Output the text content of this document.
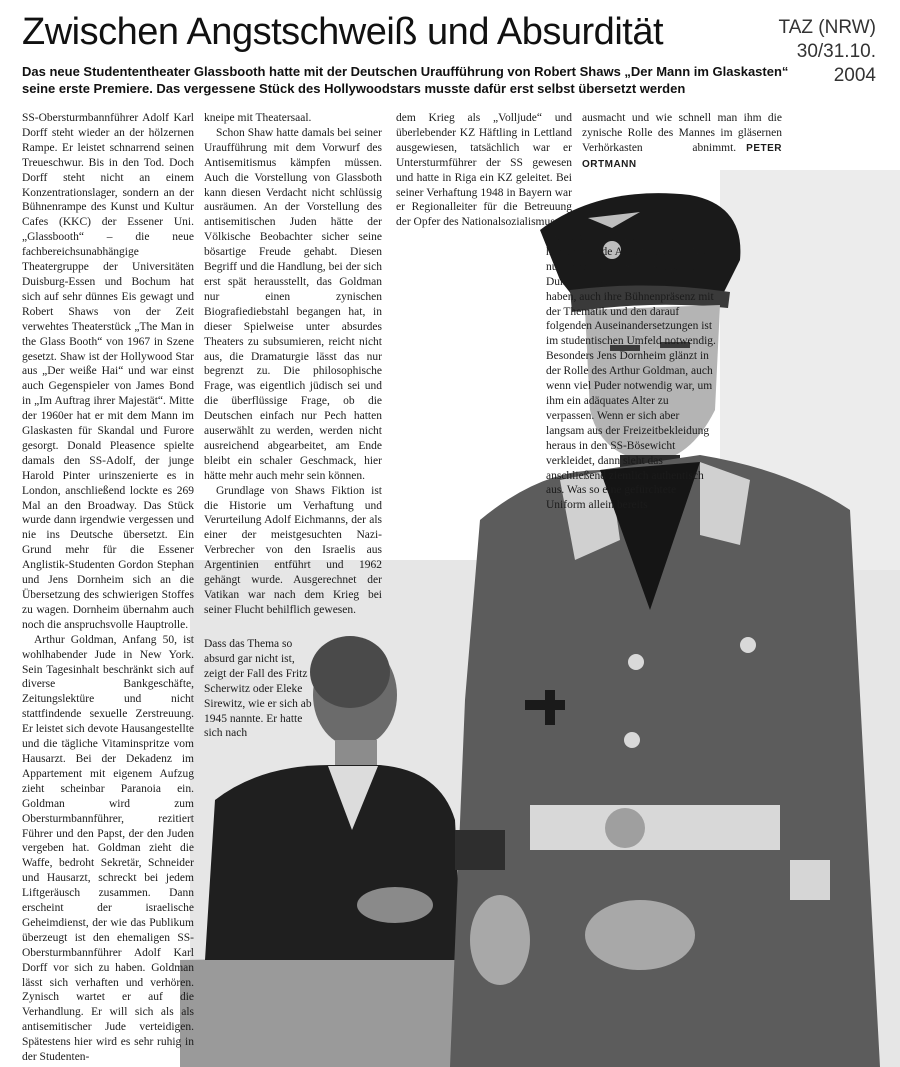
Zwischen Angstschweiß und Absurdität	TAZ (NRW)
30/31.10.
2004
Das neue Studententheater Glassbooth hatte mit der Deutschen Uraufführung von Robert Shaws „Der Mann im Glaskasten“ seine erste Premiere. Das vergessene Stück des Hollywoodstars musste dafür erst selbst übersetzt werden

SS-Obersturmbannführer Adolf Karl Dorff steht wieder an der hölzernen Rampe. Er leistet schnarrend seinen Treueschwur. Bis in den Tod. Doch Dorff steht nicht an einem Konzentrationslager, sondern an der Bühnenrampe des Kunst und Kultur Cafes (KKC) der Essener Uni. „Glassbooth“ – die neue fachbereichsunabhängige Theatergruppe der Universitäten Duisburg-Essen und Bochum hat sich auf sehr dünnes Eis gewagt und Robert Shaws von der Zeit verwehtes Theaterstück „The Man in the Glass Booth“ von 1967 in Szene gesetzt. Shaw ist der Hollywood Star aus „Der weiße Hai“ und war einst auch Gegenspieler von James Bond in „Im Auftrag ihrer Majestät“. Mitte der 1960er hat er mit dem Mann im Glaskasten für Skandal und Furore gesorgt. Donald Pleasence spielte damals den SS-Adolf, der junge Harold Pinter urinszenierte es in London, anschließend lockte es 269 Mal an den Broadway. Das Stück wurde dann irgendwie vergessen und nie ins Deutsche übersetzt. Ein Grund mehr für die Essener Anglistik-Studenten Gordon Stephan und Jens Dornheim sich an die Übersetzung des schwierigen Stoffes zu wagen. Dornheim übernahm auch noch die anspruchsvolle Hauptrolle.

Arthur Goldman, Anfang 50, ist wohlhabender Jude in New York. Sein Tagesinhalt beschränkt sich auf diverse Bankgeschäfte, Zeitungslektüre und nicht stattfindende sexuelle Zerstreuung. Er leistet sich devote Hausangestellte und die tägliche Vitaminspritze vom Hausarzt. Bei der Dekadenz im Appartement mit eigenem Aufzug zieht scheinbar Paranoia ein. Goldman wird zum Obersturmbannführer, rezitiert Führer und den Papst, der den Juden vergeben hat. Goldman zieht die Waffe, bedroht Sekretär, Schneider und Hausarzt, schreckt bei jedem Liftgeräusch zusammen. Dann erscheint der israelische Geheimdienst, der wie das Publikum überzeugt ist den ehemaligen SS-Obersturmbannführer Adolf Karl Dorff vor sich zu haben. Goldman lässt sich verhaften und verhören. Zynisch wartet er auf die Verhandlung. Er will sich als als antisemitischer Jude verteidigen. Spätestens hier wird es sehr ruhig in der Studenten-

kneipe mit Theatersaal.

Schon Shaw hatte damals bei seiner Uraufführung mit dem Vorwurf des Antisemitismus kämpfen müssen. Auch die Vorstellung von Glassboth kann diesen Verdacht nicht schlüssig ausräumen. An der Vorstellung des antisemitischen Juden hätte der Völkische Beobachter sicher seine bösartige Freude gehabt. Diesen Begriff und die Handlung, bei der sich erst spät herausstellt, das Goldman nur einen zynischen Biografiediebstahl begangen hat, in dieser Spielweise unter absurdes Theaters zu subsumieren, reicht nicht aus, die Dramaturgie lässt das nur begrenzt zu. Die philosophische Frage, was eigentlich jüdisch sei und die überflüssige Frage, ob die Deutschen einfach nur Pech hatten auserwählt zu werden, werden nicht ausreichend abgearbeitet, am Ende bleibt ein schaler Geschmack, hier hätte mehr auch mehr sein können.

Grundlage von Shaws Fiktion ist die Historie um Verhaftung und Verurteilung Adolf Eichmanns, der als einer der meistgesuchten Nazi-Verbrecher von den Israelis aus Argentinien entführt und 1962 gehängt wurde. Ausgerechnet der Vatikan war nach dem Krieg bei seiner Flucht behilflich gewesen.

Dass das Thema so absurd gar nicht ist, zeigt der Fall des Fritz Scherwitz oder Eleke Sirewitz, wie er sich ab 1945 nannte. Er hatte sich nach

dem Krieg als „Volljude“ und überlebender KZ Häftling in Lettland ausgewiesen, tatsächlich war er Untersturmführer der SS gewesen und hatte in Riga ein KZ geleitet. Bei seiner Verhaftung 1948 in Bayern war er Regionalleiter für die Betreuung der Opfer des Nationalsozialismus.

Dennoch haben die Studenten hervorragende Arbeit geleistet. Nicht nur, dass sie den Stoff wieder dem Dunst der Geschichte entrissen haben, auch ihre Bühnenpräsenz mit der Thematik und den darauf folgenden Auseinandersetzungen ist im studentischen Umfeld notwendig. Besonders Jens Dornheim glänzt in der Rolle des Arthur Goldman, auch wenn viel Puder notwendig war, um ihm ein adäquates Alter zu verpassen. Wenn er sich aber langsam aus der Freizeitbekleidung heraus in den SS-Bösewicht verkleidet, dann sieht das anschließend ziemlich authentisch aus. Was so eine gefürchtete Uniform allein bereits

ausmacht und wie schnell man ihm die zynische Rolle des Mannes im gläsernen Verhörkasten abnimmt. PETER ORTMANN
